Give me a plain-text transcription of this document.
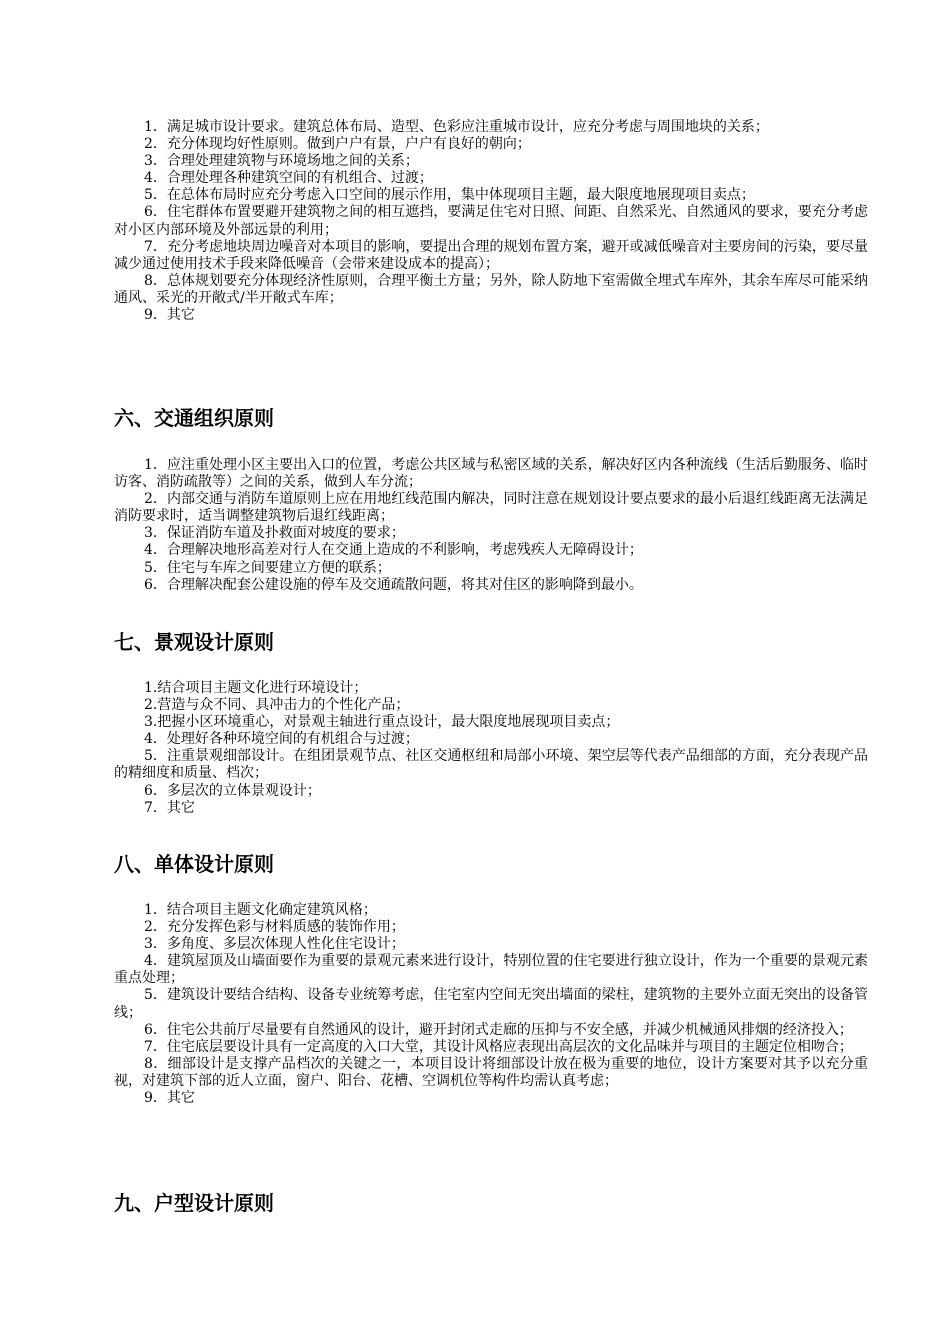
1．满足城市设计要求。建筑总体布局、造型、色彩应注重城市设计，应充分考虑与周围地块的关系；

2．充分体现均好性原则。做到户户有景，户户有良好的朝向；

3．合理处理建筑物与环境场地之间的关系；

4．合理处理各种建筑空间的有机组合、过渡；

5．在总体布局时应充分考虑入口空间的展示作用，集中体现项目主题，最大限度地展现项目卖点；

6．住宅群体布置要避开建筑物之间的相互遮挡，要满足住宅对日照、间距、自然采光、自然通风的要求，要充分考虑对小区内部环境及外部远景的利用；

7．充分考虑地块周边噪音对本项目的影响，要提出合理的规划布置方案，避开或减低噪音对主要房间的污染，要尽量减少通过使用技术手段来降低噪音（会带来建设成本的提高）；

8．总体规划要充分体现经济性原则，合理平衡土方量；另外，除人防地下室需做全埋式车库外，其余车库尽可能采纳通风、采光的开敞式/半开敞式车库；

9．其它

六、交通组织原则

1．应注重处理小区主要出入口的位置，考虑公共区域与私密区域的关系，解决好区内各种流线（生活后勤服务、临时访客、消防疏散等）之间的关系，做到人车分流；

2．内部交通与消防车道原则上应在用地红线范围内解决，同时注意在规划设计要点要求的最小后退红线距离无法满足消防要求时，适当调整建筑物后退红线距离；

3．保证消防车道及扑救面对坡度的要求；

4．合理解决地形高差对行人在交通上造成的不利影响，考虑残疾人无障碍设计；

5．住宅与车库之间要建立方便的联系；

6．合理解决配套公建设施的停车及交通疏散问题，将其对住区的影响降到最小。

七、景观设计原则

1.结合项目主题文化进行环境设计；

2.营造与众不同、具冲击力的个性化产品；

3.把握小区环境重心，对景观主轴进行重点设计，最大限度地展现项目卖点；

4．处理好各种环境空间的有机组合与过渡；

5．注重景观细部设计。在组团景观节点、社区交通枢纽和局部小环境、架空层等代表产品细部的方面，充分表现产品的精细度和质量、档次；

6．多层次的立体景观设计；

7．其它

八、单体设计原则

1．结合项目主题文化确定建筑风格；

2．充分发挥色彩与材料质感的装饰作用；

3．多角度、多层次体现人性化住宅设计；

4．建筑屋顶及山墙面要作为重要的景观元素来进行设计，特别位置的住宅要进行独立设计，作为一个重要的景观元素重点处理；

5．建筑设计要结合结构、设备专业统筹考虑，住宅室内空间无突出墙面的梁柱，建筑物的主要外立面无突出的设备管线；

6．住宅公共前厅尽量要有自然通风的设计，避开封闭式走廊的压抑与不安全感，并减少机械通风排烟的经济投入；

7．住宅底层要设计具有一定高度的入口大堂，其设计风格应表现出高层次的文化品味并与项目的主题定位相吻合；

8．细部设计是支撑产品档次的关键之一，本项目设计将细部设计放在极为重要的地位，设计方案要对其予以充分重视，对建筑下部的近人立面，窗户、阳台、花槽、空调机位等构件均需认真考虑；

9．其它

九、户型设计原则
